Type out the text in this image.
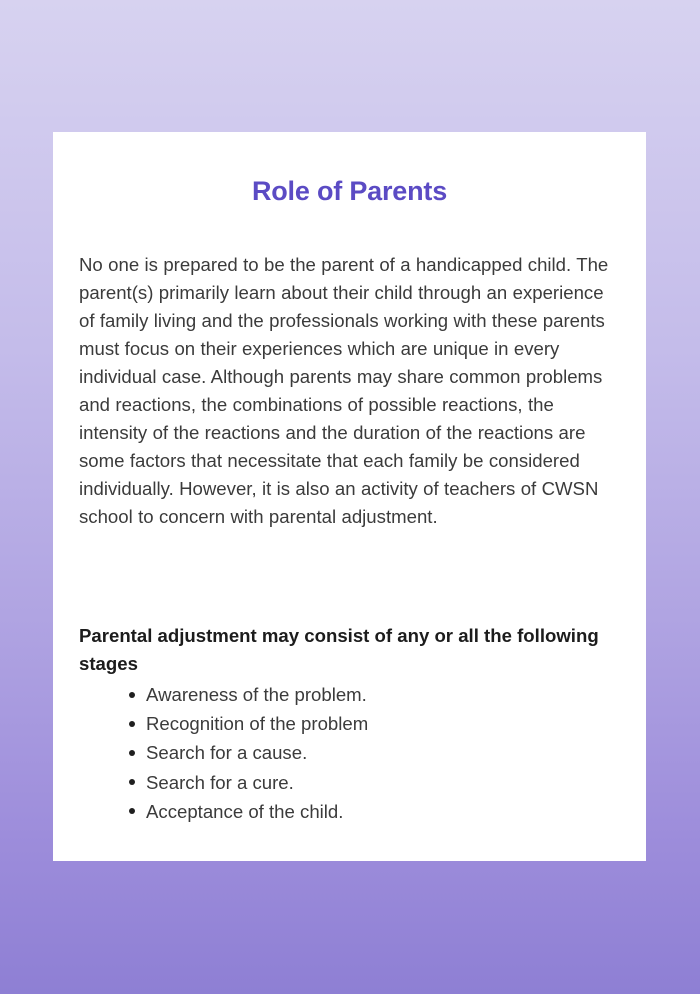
Role of Parents
No one is prepared to be the parent of a handicapped child. The parent(s) primarily learn about their child through an experience of family living and the professionals working with these parents must focus on their experiences which are unique in every individual case. Although parents may share common problems and reactions, the combinations of possible reactions, the intensity of the reactions and the duration of the reactions are some factors that necessitate that each family be considered individually. However, it is also an activity of teachers of CWSN school to concern with parental adjustment.
Parental adjustment may consist of any or all the following stages
Awareness of the problem.
Recognition of the problem
Search for a cause.
Search for a cure.
Acceptance of the child.
